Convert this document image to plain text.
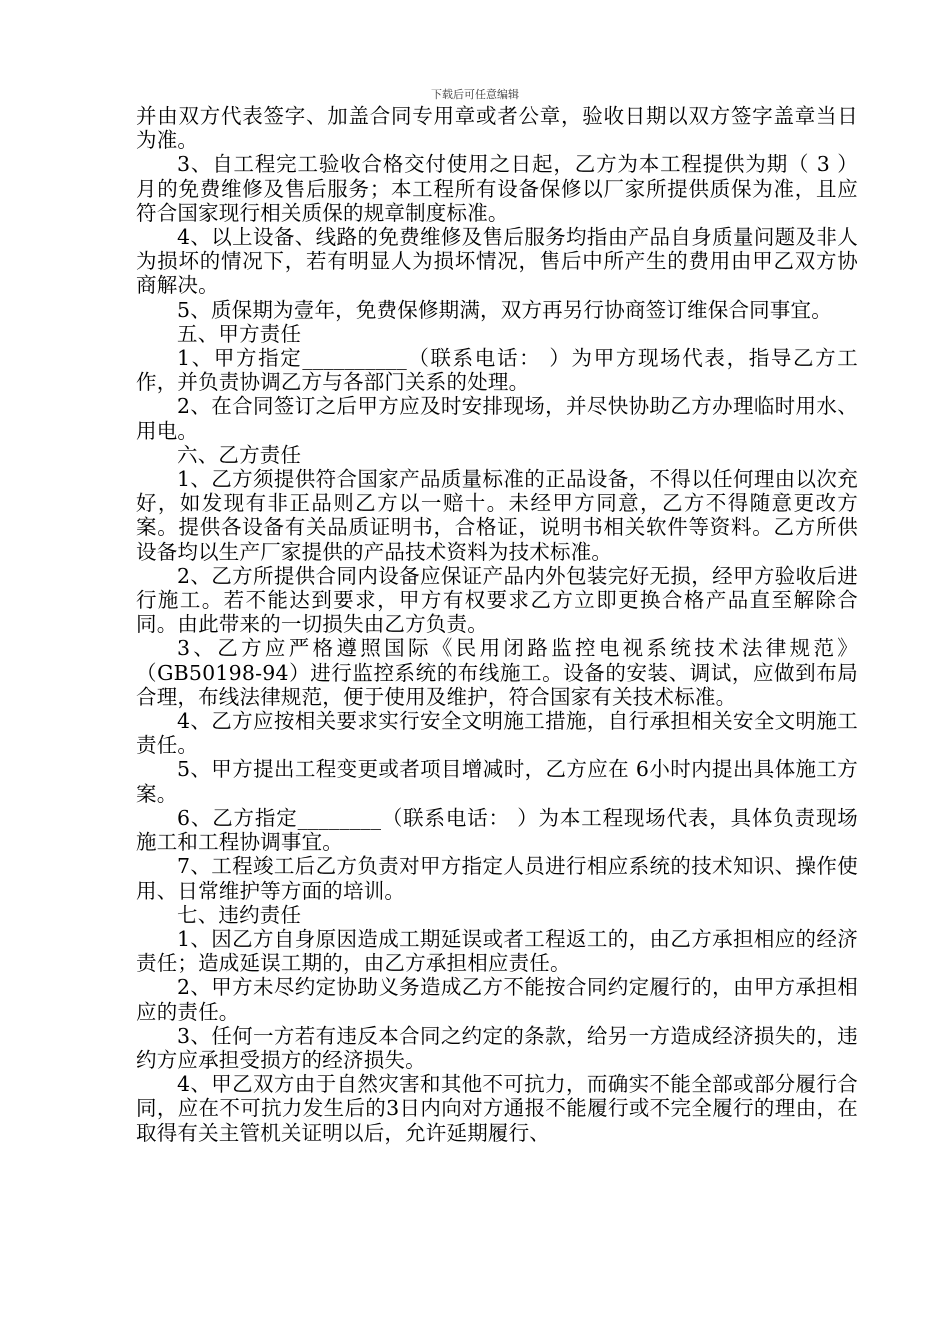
下载后可任意编辑

并由双方代表签字、加盖合同专用章或者公章，验收日期以双方签字盖章当日为准。

3、自工程完工验收合格交付使用之日起，乙方为本工程提供为期（ 3 ）月的免费维修及售后服务；本工程所有设备保修以厂家所提供质保为准，且应符合国家现行相关质保的规章制度标准。

4、以上设备、线路的免费维修及售后服务均指由产品自身质量问题及非人为损坏的情况下，若有明显人为损坏情况，售后中所产生的费用由甲乙双方协商解决。

5、质保期为壹年，免费保修期满，双方再另行协商签订维保合同事宜。

五、甲方责任

1、甲方指定__________（联系电话： ）为甲方现场代表，指导乙方工作，并负责协调乙方与各部门关系的处理。

2、在合同签订之后甲方应及时安排现场，并尽快协助乙方办理临时用水、用电。

六、乙方责任

1、乙方须提供符合国家产品质量标准的正品设备，不得以任何理由以次充好，如发现有非正品则乙方以一赔十。未经甲方同意，乙方不得随意更改方案。提供各设备有关品质证明书，合格证，说明书相关软件等资料。乙方所供设备均以生产厂家提供的产品技术资料为技术标准。

2、乙方所提供合同内设备应保证产品内外包装完好无损，经甲方验收后进行施工。若不能达到要求，甲方有权要求乙方立即更换合格产品直至解除合同。由此带来的一切损失由乙方负责。

3、乙方应严格遵照国际《民用闭路监控电视系统技术法律规范》（GB50198-94）进行监控系统的布线施工。设备的安装、调试，应做到布局合理，布线法律规范，便于使用及维护，符合国家有关技术标准。

4、乙方应按相关要求实行安全文明施工措施，自行承担相关安全文明施工责任。

5、甲方提出工程变更或者项目增减时，乙方应在 6小时内提出具体施工方案。

6、乙方指定________（联系电话： ）为本工程现场代表，具体负责现场施工和工程协调事宜。

7、工程竣工后乙方负责对甲方指定人员进行相应系统的技术知识、操作使用、日常维护等方面的培训。

七、违约责任

1、因乙方自身原因造成工期延误或者工程返工的，由乙方承担相应的经济责任；造成延误工期的，由乙方承担相应责任。

2、甲方未尽约定协助义务造成乙方不能按合同约定履行的，由甲方承担相应的责任。

3、任何一方若有违反本合同之约定的条款，给另一方造成经济损失的，违约方应承担受损方的经济损失。

4、甲乙双方由于自然灾害和其他不可抗力，而确实不能全部或部分履行合同，应在不可抗力发生后的3日内向对方通报不能履行或不完全履行的理由，在取得有关主管机关证明以后，允许延期履行、
